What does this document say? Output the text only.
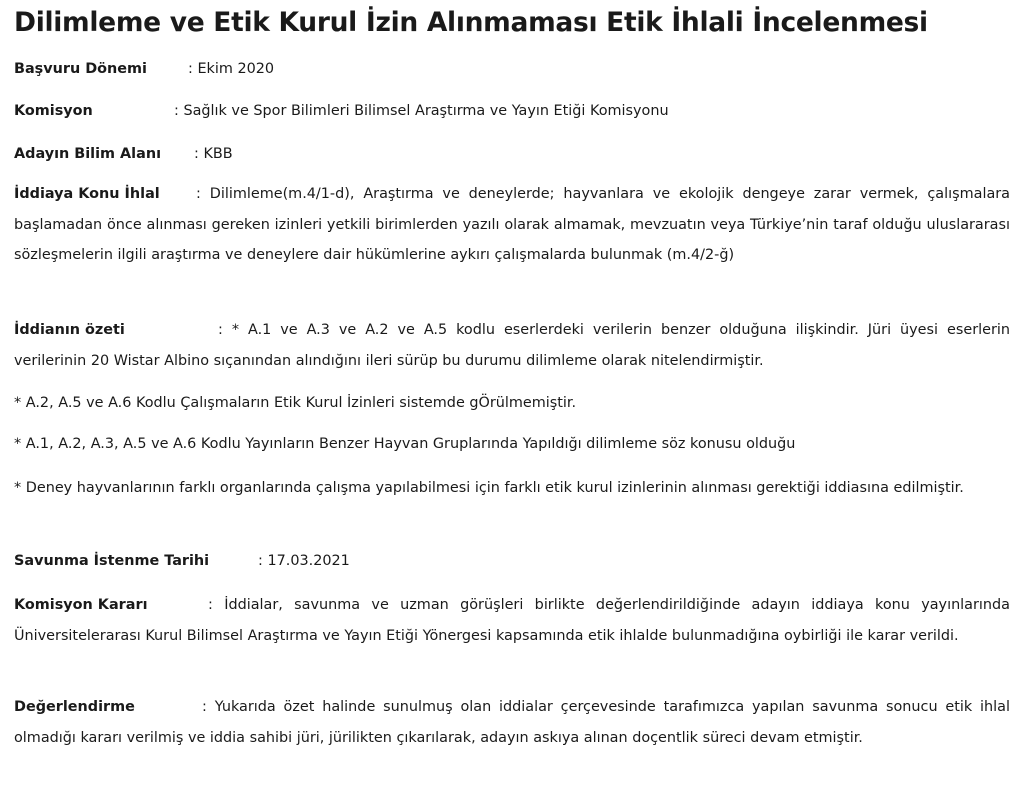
Dilimleme ve Etik Kurul İzin Alınmaması Etik İhlali İncelenmesi
Başvuru Dönemi	: Ekim 2020
Komisyon	: Sağlık ve Spor Bilimleri Bilimsel Araştırma ve Yayın Etiği Komisyonu
Adayın Bilim Alanı : KBB
İddiaya Konu İhlal	: Dilimleme(m.4/1-d), Araştırma ve deneylerde; hayvanlara ve ekolojik dengeye zarar vermek, çalışmalara başlamadan önce alınması gereken izinleri yetkili birimlerden yazılı olarak almamak, mevzuatın veya Türkiye’nin taraf olduğu uluslararası sözleşmelerin ilgili araştırma ve deneylere dair hükümlerine aykırı çalışmalarda bulunmak (m.4/2-ğ)
İddianın özeti	: * A.1 ve A.3 ve A.2 ve A.5 kodlu eserlerdeki verilerin benzer olduğuna ilişkindir. Jüri üyesi eserlerin verilerinin 20 Wistar Albino sıçanından alındığını ileri sürüp bu durumu dilimleme olarak nitelendirmiştir.
* A.2, A.5 ve A.6 Kodlu Çalışmaların Etik Kurul İzinleri sistemde gÖrülmemiştir.
* A.1, A.2, A.3, A.5 ve A.6 Kodlu Yayınların Benzer Hayvan Gruplarında Yapıldığı dilimleme söz konusu olduğu
* Deney hayvanlarının farklı organlarında çalışma yapılabilmesi için farklı etik kurul izinlerinin alınması gerektiği iddiasına edilmiştir.
Savunma İstenme Tarihi	: 17.03.2021
Komisyon Kararı	: İddialar, savunma ve uzman görüşleri birlikte değerlendirildiğinde adayın iddiaya konu yayınlarında Üniversitelerarası Kurul Bilimsel Araştırma ve Yayın Etiği Yönergesi kapsamında etik ihlalde bulunmadığına oybirliği ile karar verildi.
Değerlendirme	: Yukarıda özet halinde sunulmuş olan iddialar çerçevesinde tarafımızca yapılan savunma sonucu etik ihlal olmadığı kararı verilmiş ve iddia sahibi jüri, jürilikten çıkarılarak, adayın askıya alınan doçentlik süreci devam etmiştir.
